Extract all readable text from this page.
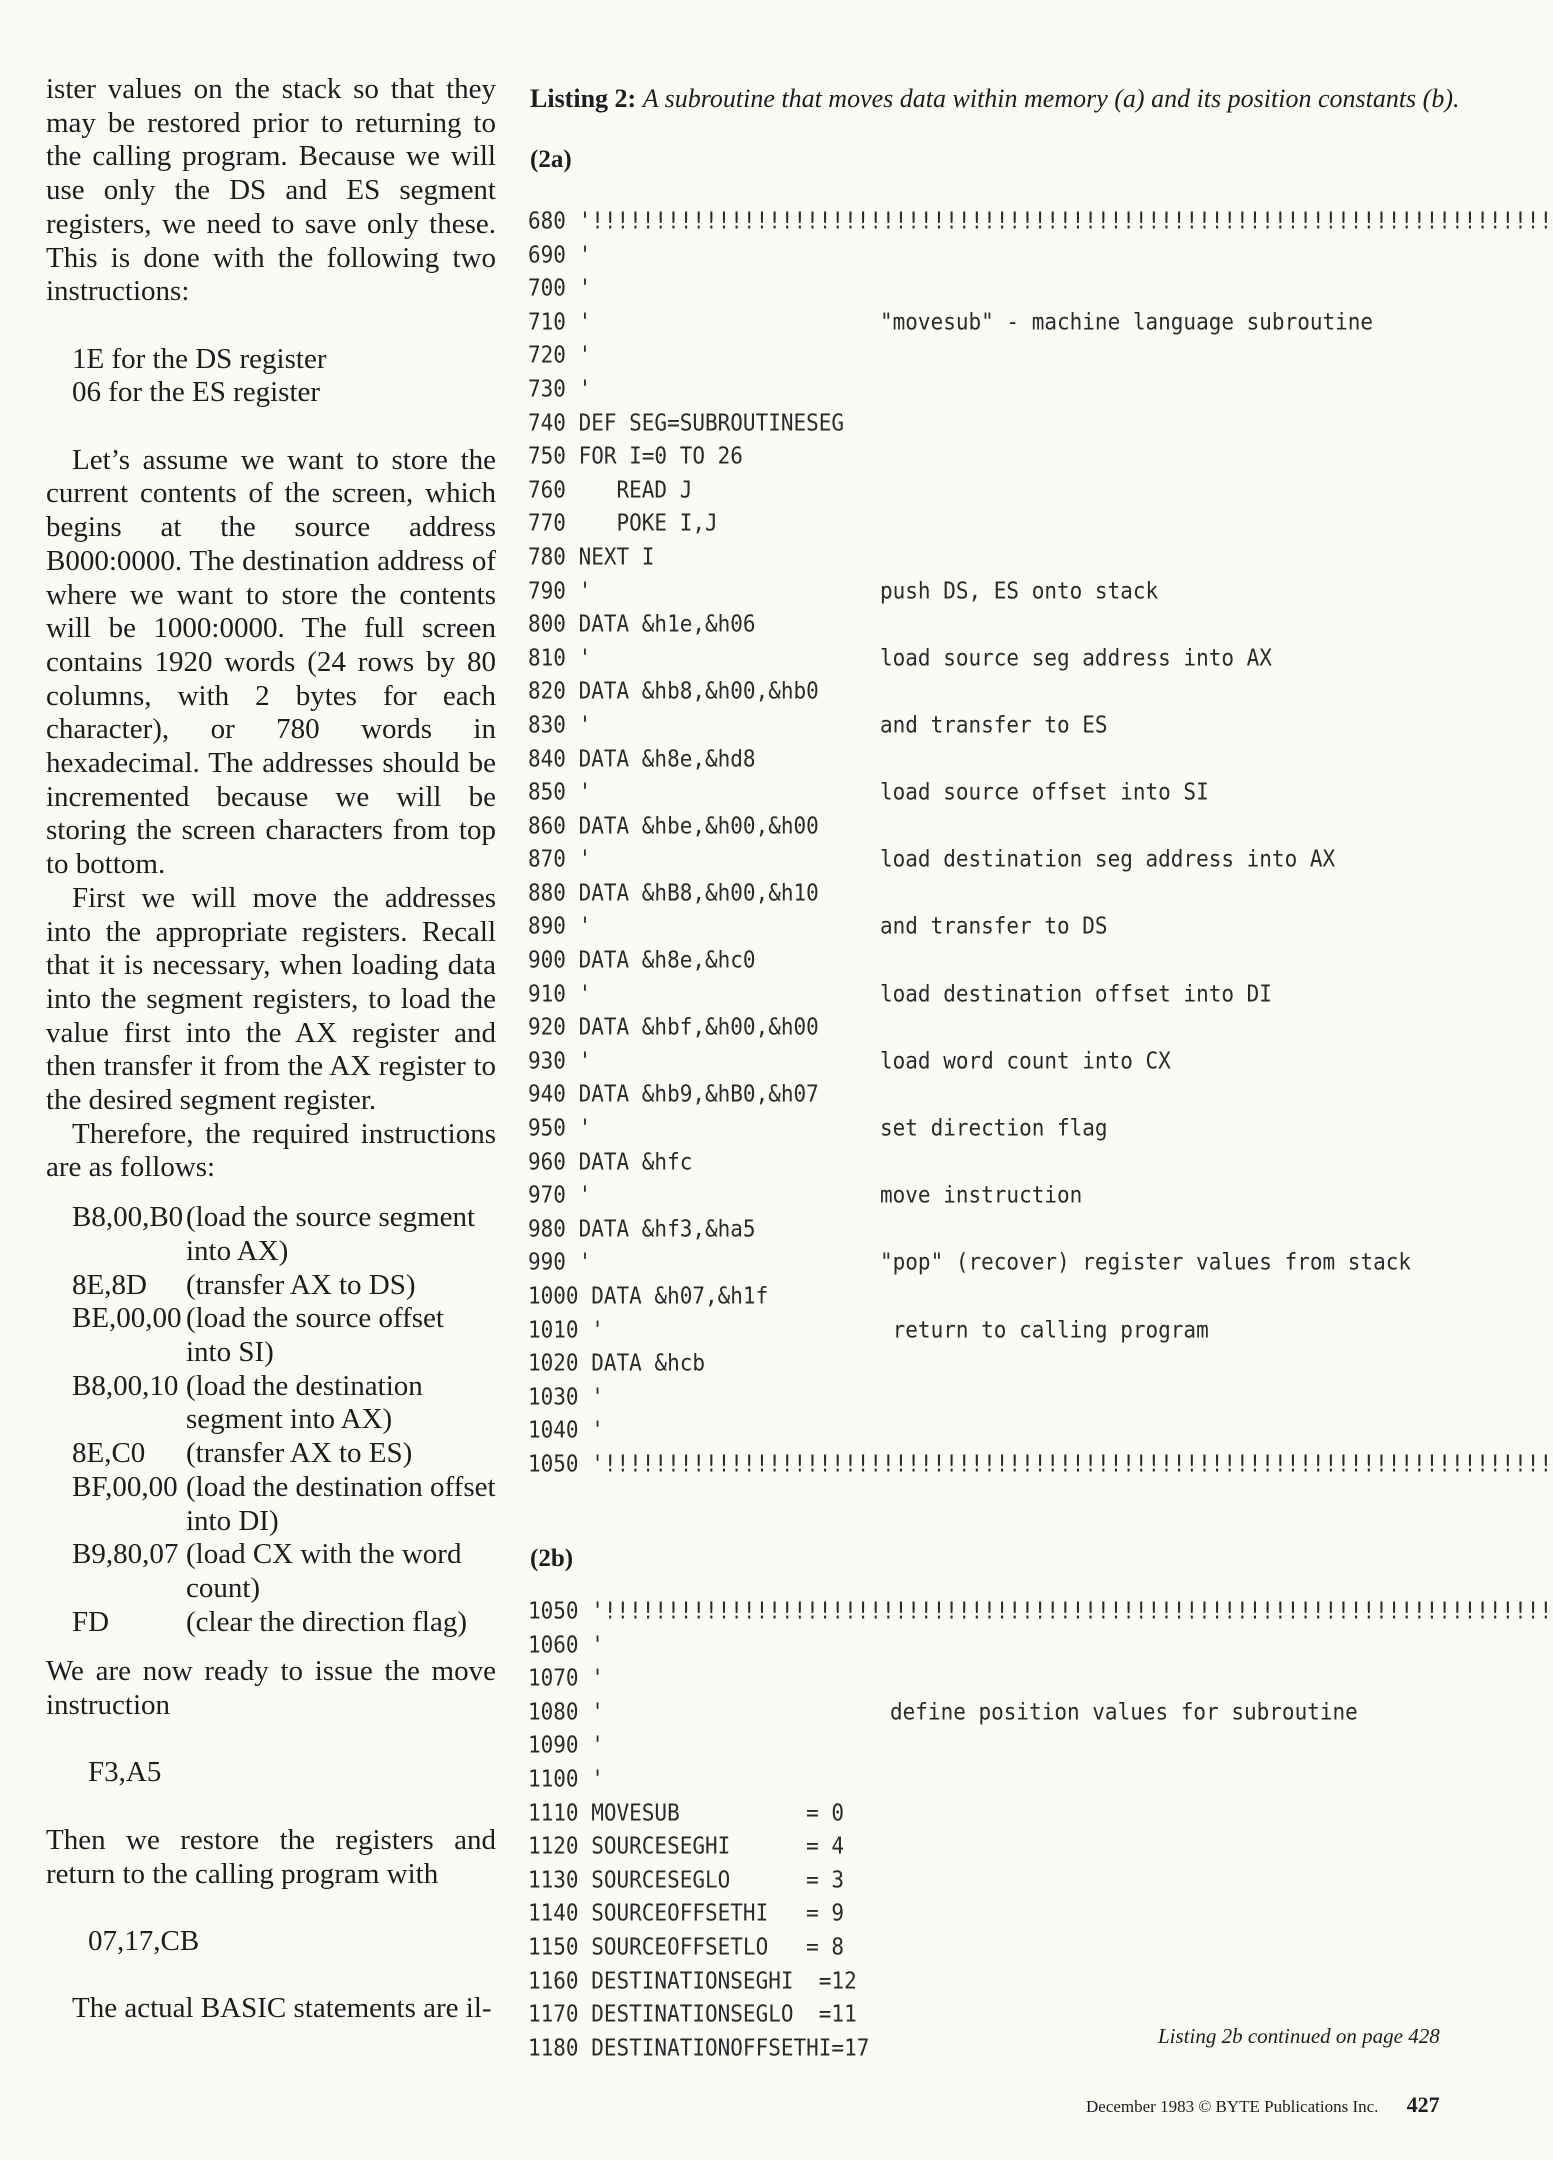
ister values on the stack so that they may be restored prior to returning to the calling program. Because we will use only the DS and ES segment registers, we need to save only these. This is done with the following two instructions:

1E for the DS register

06 for the ES register

Let’s assume we want to store the current contents of the screen, which begins at the source address B000:0000. The destination address of where we want to store the contents will be 1000:0000. The full screen contains 1920 words (24 rows by 80 columns, with 2 bytes for each character), or 780 words in hexadecimal. The addresses should be incremented because we will be storing the screen characters from top to bottom.

First we will move the addresses into the appropriate registers. Recall that it is necessary, when loading data into the segment registers, to load the value first into the AX register and then transfer it from the AX register to the desired segment register.

Therefore, the required instructions are as follows:

B8,00,B0	(load the source segment into AX)
8E,8D	(transfer AX to DS)
BE,00,00	(load the source offset into SI)
B8,00,10	(load the destination segment into AX)
8E,C0	(transfer AX to ES)
BF,00,00	(load the destination offset into DI)
B9,80,07	(load CX with the word count)
FD	(clear the direction flag)

We are now ready to issue the move instruction

F3,A5

Then we restore the registers and return to the calling program with

07,17,CB

The actual BASIC statements are il-

Listing 2: A subroutine that moves data within memory (a) and its position constants (b).
(2a)
680 '!!!!!!!!!!!!!!!!!!!!!!!!!!!!!!!!!!!!!!!!!!!!!!!!!!!!!!!!!!!!!!!!!!!!!!!!!!!!
690 '
700 '
710 '	"movesub" - machine language subroutine
720 '
730 '
740 DEF SEG=SUBROUTINESEG
750 FOR I=0 TO 26
760    READ J
770    POKE I,J
780 NEXT I
790 '	push DS, ES onto stack
800 DATA &h1e,&h06
810 '	load source seg address into AX
820 DATA &hb8,&h00,&hb0
830 '	and transfer to ES
840 DATA &h8e,&hd8
850 '	load source offset into SI
860 DATA &hbe,&h00,&h00
870 '	load destination seg address into AX
880 DATA &hB8,&h00,&h10
890 '	and transfer to DS
900 DATA &h8e,&hc0
910 '	load destination offset into DI
920 DATA &hbf,&h00,&h00
930 '	load word count into CX
940 DATA &hb9,&hB0,&h07
950 '	set direction flag
960 DATA &hfc
970 '	move instruction
980 DATA &hf3,&ha5
990 '	"pop" (recover) register values from stack
1000 DATA &h07,&h1f
1010 '	return to calling program
1020 DATA &hcb
1030 '
1040 '
1050 '!!!!!!!!!!!!!!!!!!!!!!!!!!!!!!!!!!!!!!!!!!!!!!!!!!!!!!!!!!!!!!!!!!!!!!!!!!!
(2b)
1050 '!!!!!!!!!!!!!!!!!!!!!!!!!!!!!!!!!!!!!!!!!!!!!!!!!!!!!!!!!!!!!!!!!!!!!!!!!!!
1060 '
1070 '
1080 '	define position values for subroutine
1090 '
1100 '
1110 MOVESUB          = 0
1120 SOURCESEGHI      = 4
1130 SOURCESEGLO      = 3
1140 SOURCEOFFSETHI   = 9
1150 SOURCEOFFSETLO   = 8
1160 DESTINATIONSEGHI  =12
1170 DESTINATIONSEGLO  =11
1180 DESTINATIONOFFSETHI=17	Listing 2b continued on page 428
December 1983 © BYTE Publications Inc. 427
